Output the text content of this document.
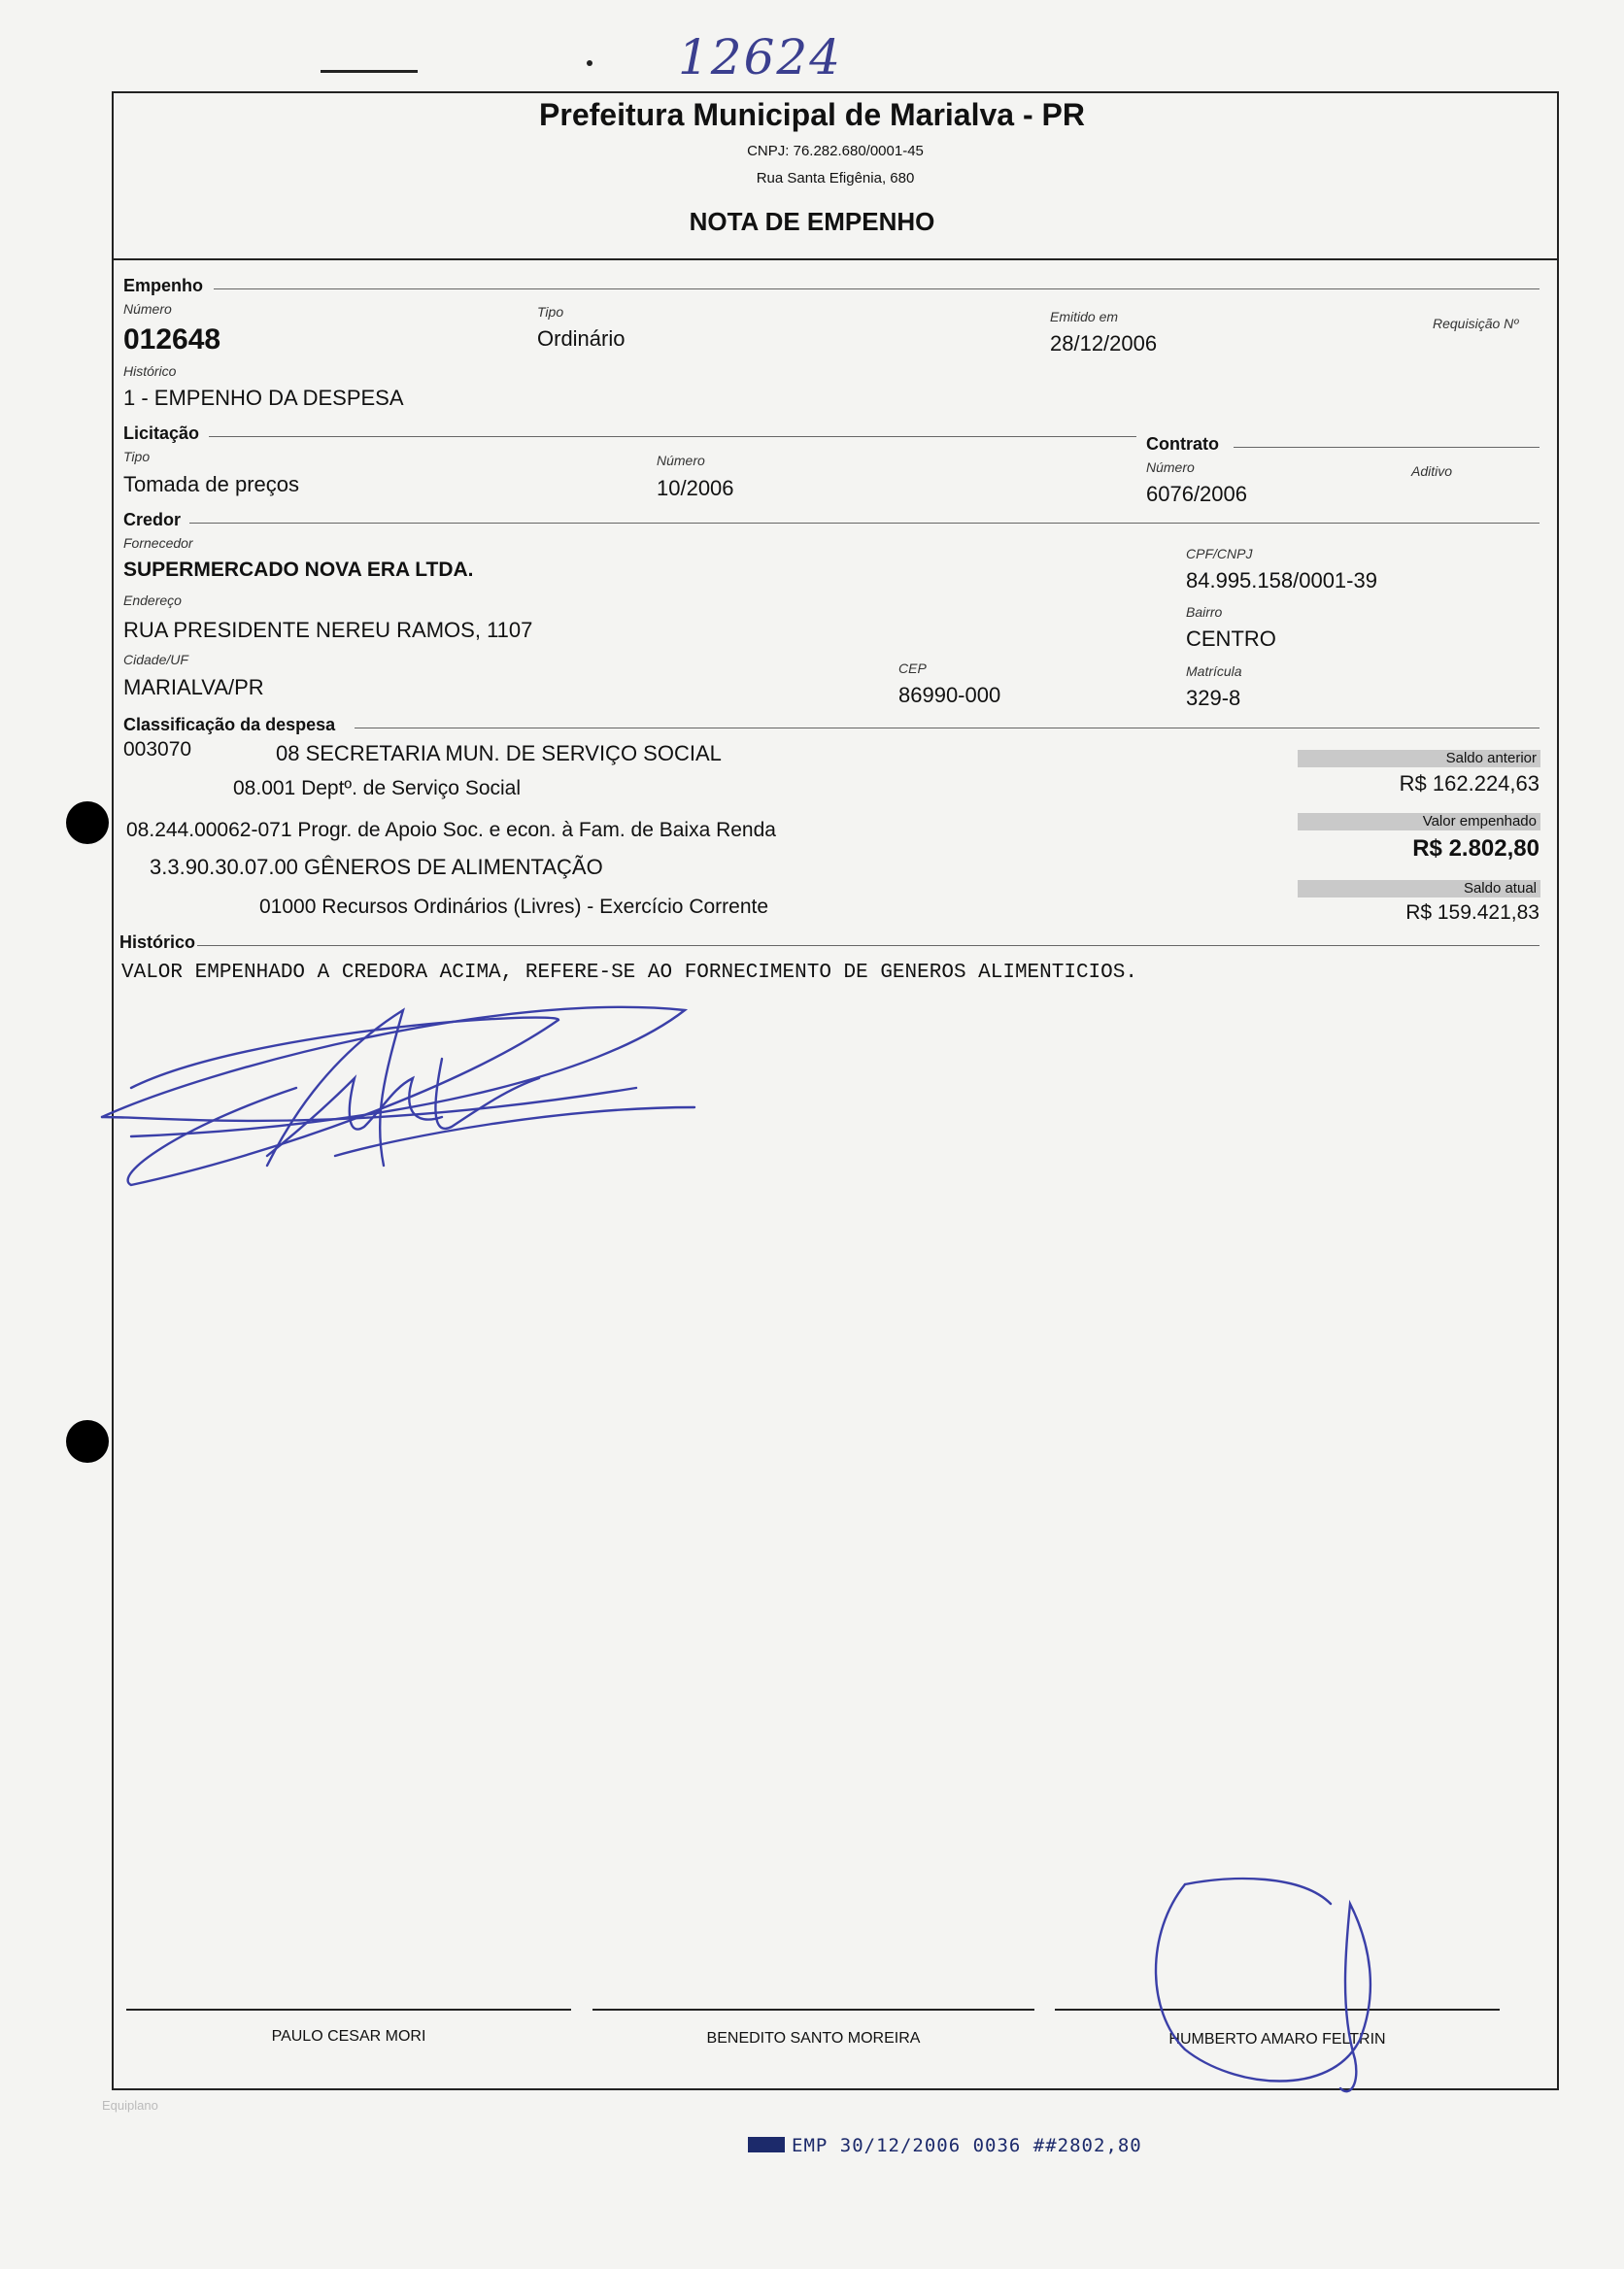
12624
Prefeitura Municipal de Marialva - PR
CNPJ: 76.282.680/0001-45
Rua Santa Efigênia, 680
NOTA DE EMPENHO
Empenho
Número
012648
Tipo
Ordinário
Emitido em
28/12/2006
Requisição Nº
Histórico
1 - EMPENHO DA DESPESA
Licitação
Tipo
Tomada de preços
Número
10/2006
Contrato
Número
6076/2006
Aditivo
Credor
Fornecedor
SUPERMERCADO NOVA ERA LTDA.
CPF/CNPJ
84.995.158/0001-39
Endereço
RUA PRESIDENTE NEREU RAMOS, 1107
Bairro
CENTRO
Cidade/UF
MARIALVA/PR
CEP
86990-000
Matrícula
329-8
Classificação da despesa
003070	08 SECRETARIA MUN. DE SERVIÇO SOCIAL
08.001 Deptº. de Serviço Social
08.244.00062-071 Progr. de Apoio Soc. e econ. à Fam. de Baixa Renda
3.3.90.30.07.00 GÊNEROS DE ALIMENTAÇÃO
01000 Recursos Ordinários (Livres) - Exercício Corrente
Saldo anterior
R$ 162.224,63
Valor empenhado
R$ 2.802,80
Saldo atual
R$ 159.421,83
Histórico
VALOR EMPENHADO A CREDORA ACIMA, REFERE-SE AO FORNECIMENTO DE GENEROS ALIMENTICIOS.
PAULO CESAR MORI	BENEDITO SANTO MOREIRA	HUMBERTO AMARO FELTRIN
Equiplano
EMP 30/12/2006 0036 ##2802,80
